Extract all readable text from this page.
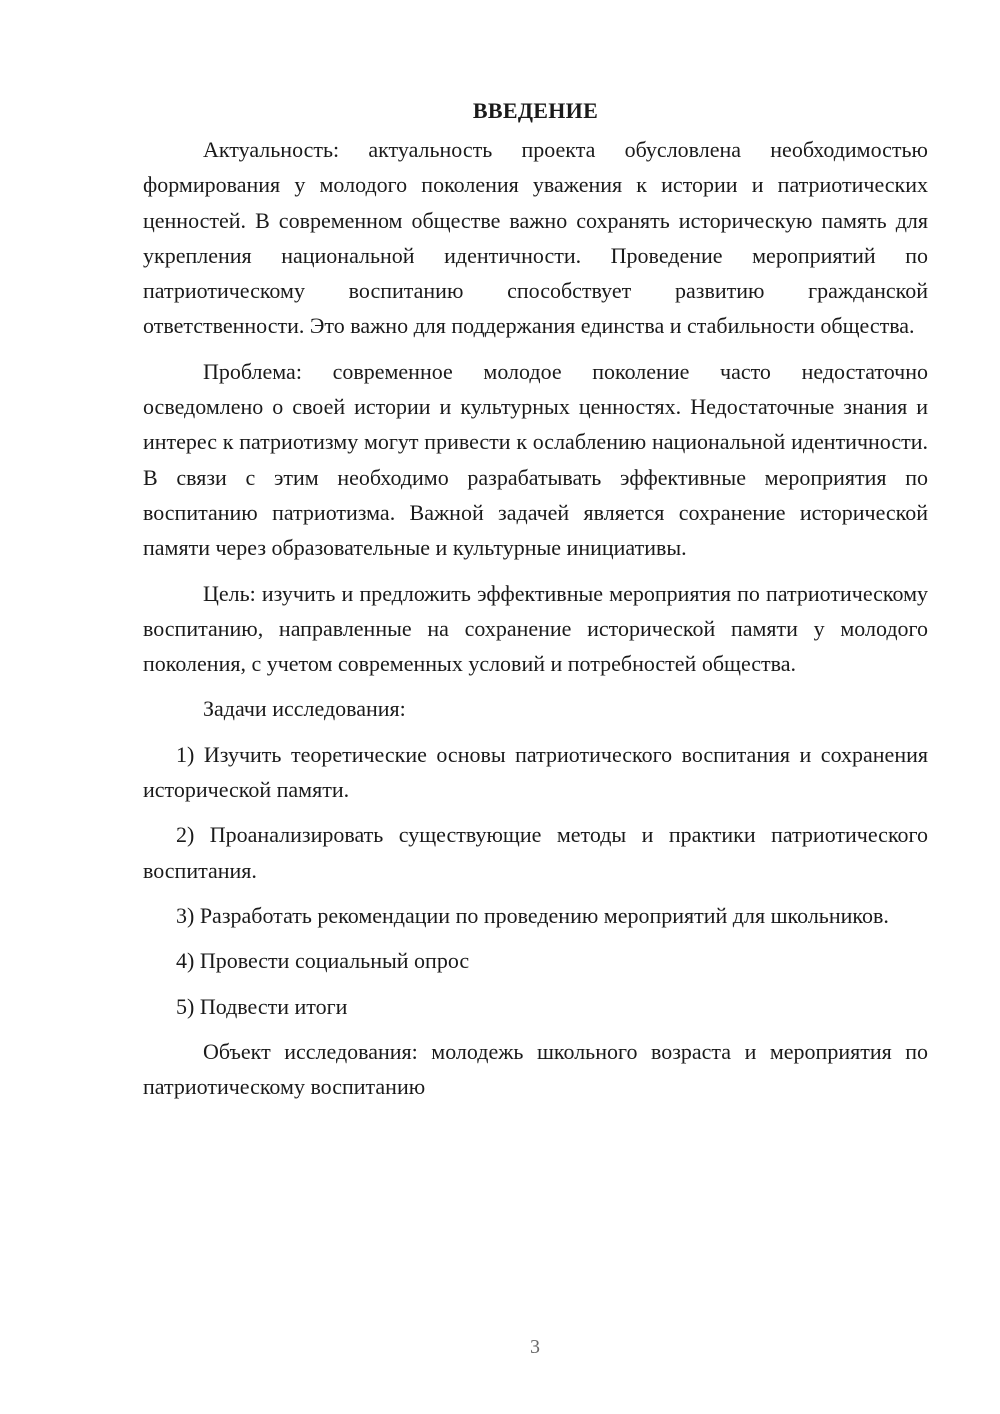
ВВЕДЕНИЕ

Актуальность: актуальность проекта обусловлена необходимостью формирования у молодого поколения уважения к истории и патриотических ценностей. В современном обществе важно сохранять историческую память для укрепления национальной идентичности. Проведение мероприятий по патриотическому воспитанию способствует развитию гражданской ответственности. Это важно для поддержания единства и стабильности общества.

Проблема: современное молодое поколение часто недостаточно осведомлено о своей истории и культурных ценностях. Недостаточные знания и интерес к патриотизму могут привести к ослаблению национальной идентичности. В связи с этим необходимо разрабатывать эффективные мероприятия по воспитанию патриотизма. Важной задачей является сохранение исторической памяти через образовательные и культурные инициативы.

Цель: изучить и предложить эффективные мероприятия по патриотическому воспитанию, направленные на сохранение исторической памяти у молодого поколения, с учетом современных условий и потребностей общества.

Задачи исследования:

1) Изучить теоретические основы патриотического воспитания и сохранения исторической памяти.

2) Проанализировать существующие методы и практики патриотического воспитания.

3) Разработать рекомендации по проведению мероприятий для школьников.

4) Провести социальный опрос

5) Подвести итоги

Объект исследования: молодежь школьного возраста и мероприятия по патриотическому воспитанию

3
